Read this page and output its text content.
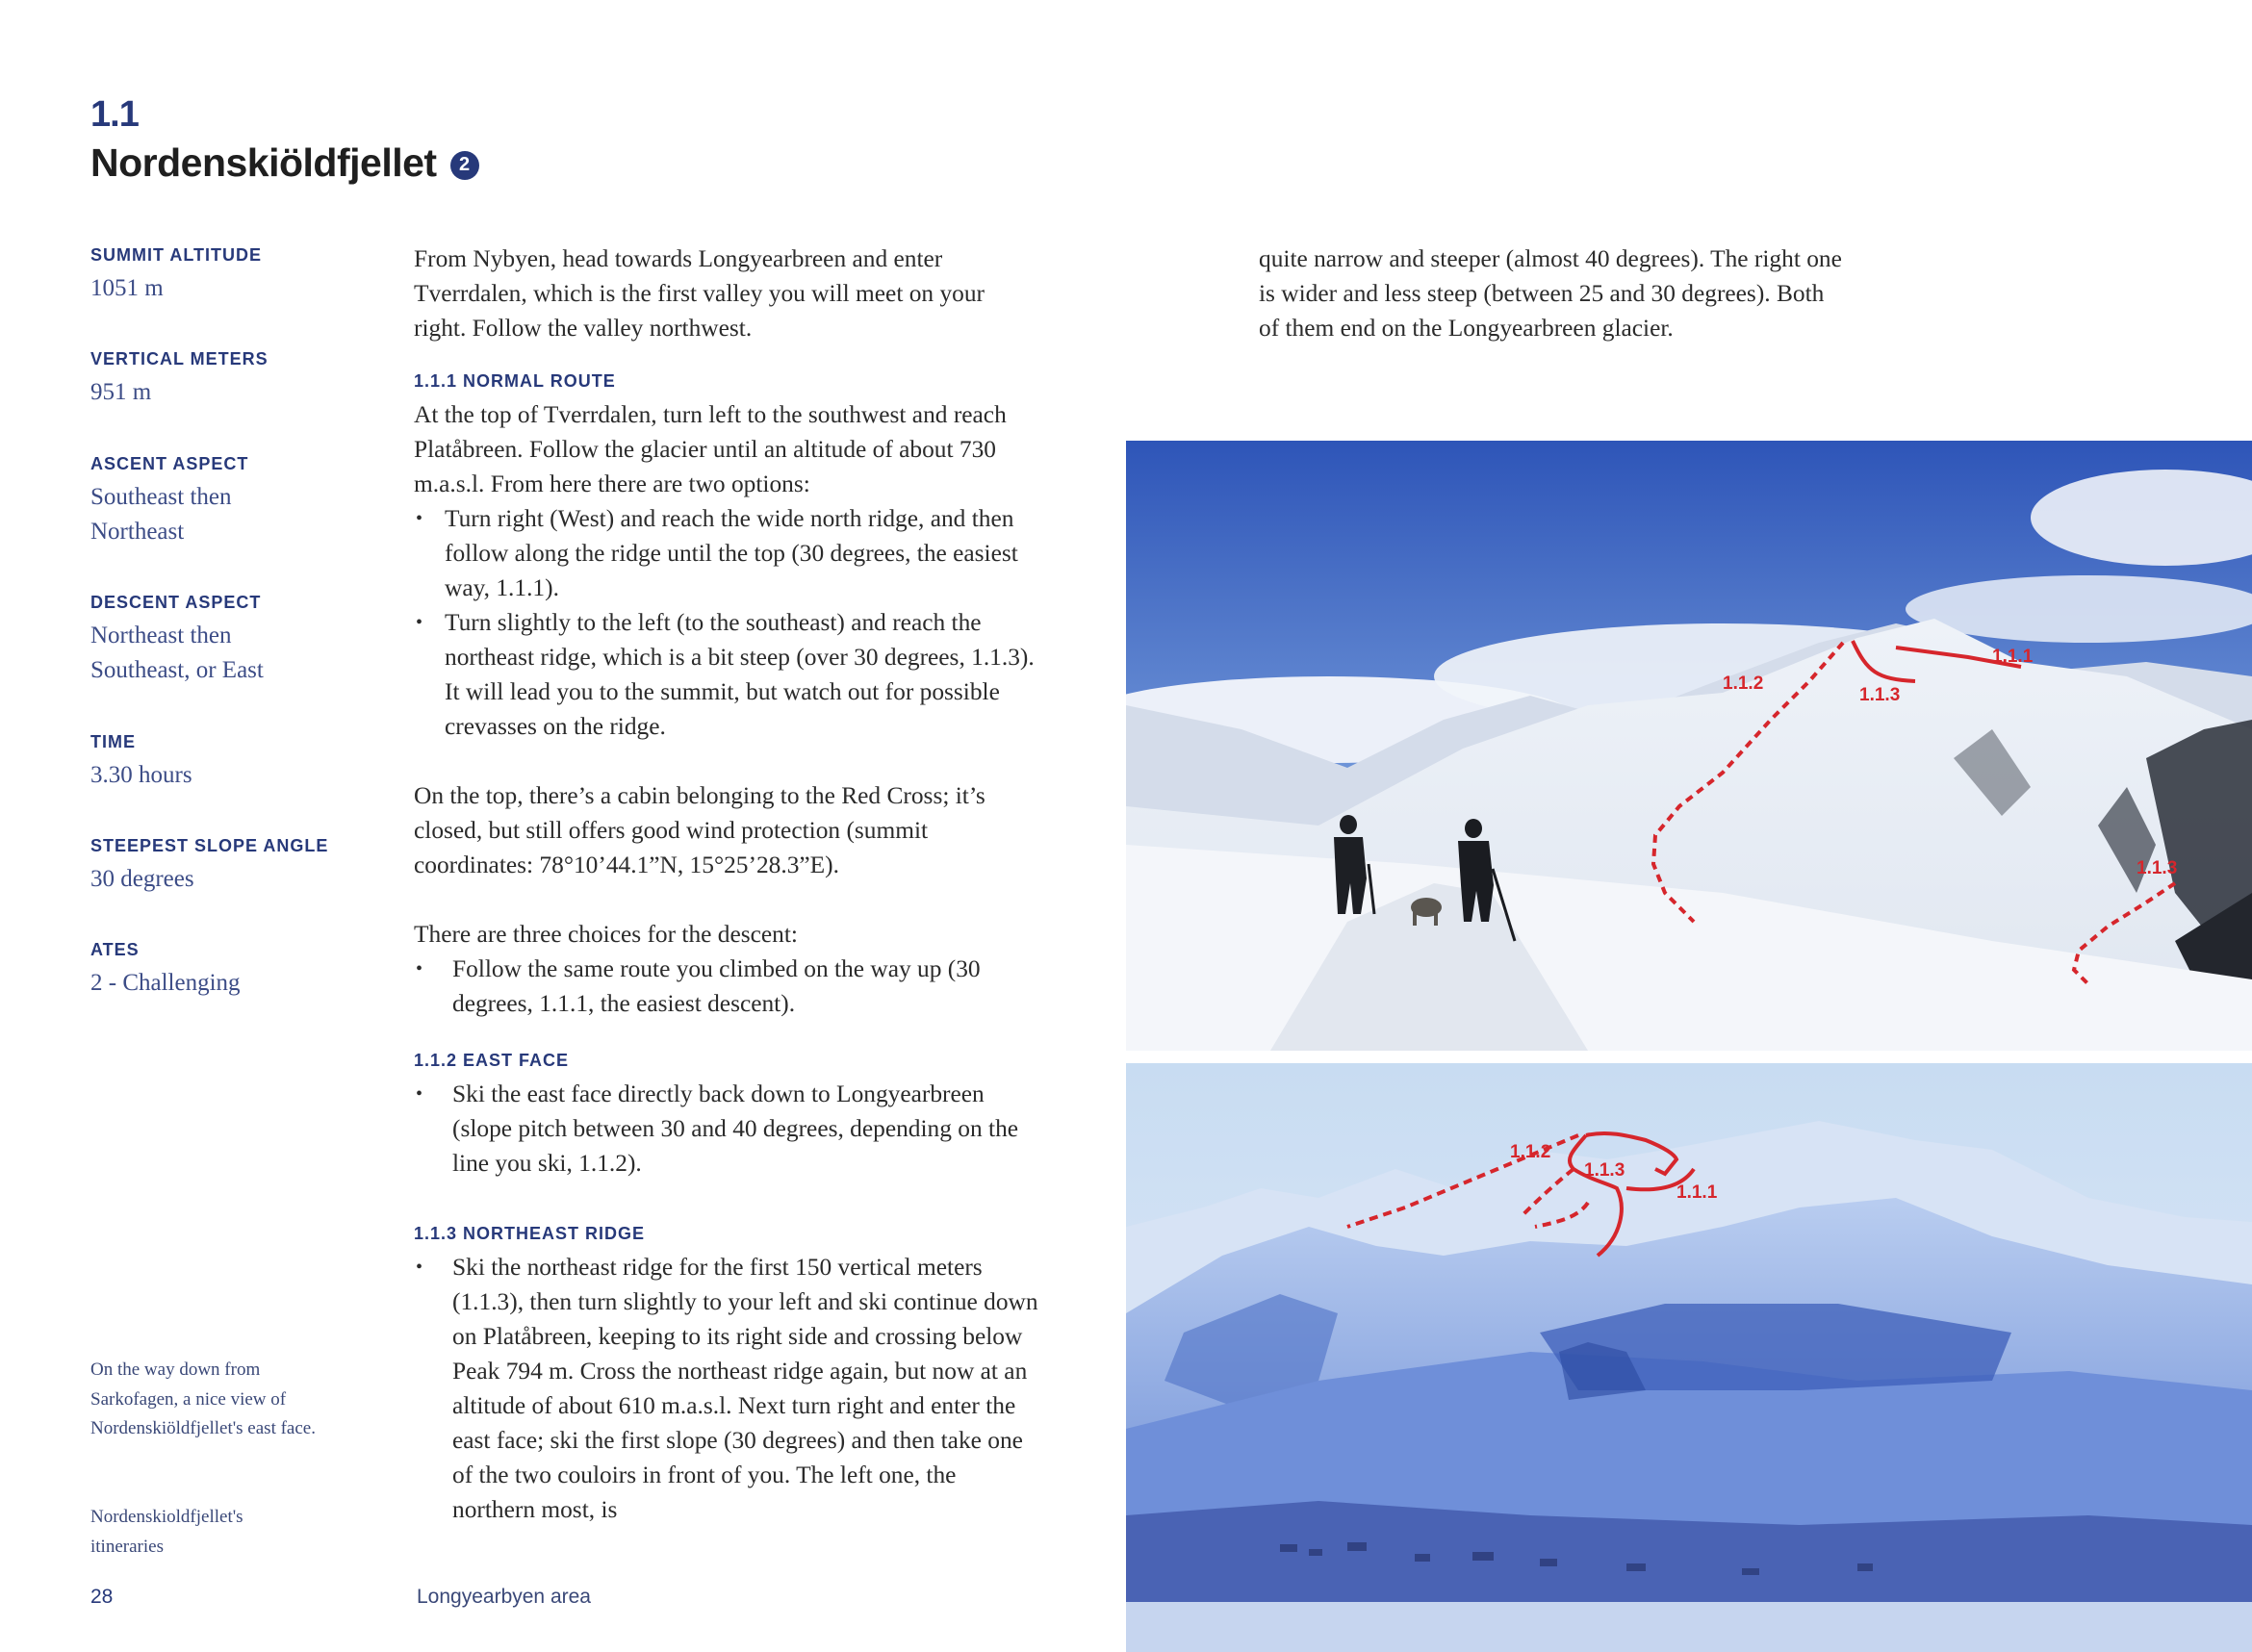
1.1
Nordenskiöldfjellet	2
SUMMIT ALTITUDE
1051 m
VERTICAL METERS
951 m
ASCENT ASPECT
Southeast then Northeast
DESCENT ASPECT
Northeast then Southeast, or East
TIME
3.30 hours
STEEPEST SLOPE ANGLE
30 degrees
ATES
2 - Challenging
On the way down from Sarkofagen, a nice view of Nordenskiöldfjellet's east face.
Nordenskioldfjellet's itineraries

From Nybyen, head towards Longyearbreen and enter Tverrdalen, which is the first valley you will meet on your right. Follow the valley northwest.

1.1.1 NORMAL ROUTE

At the top of Tverrdalen, turn left to the southwest and reach Platåbreen. Follow the glacier until an altitude of about 730 m.a.s.l. From here there are two options:

• Turn right (West) and reach the wide north ridge, and then follow along the ridge until the top (30 degrees, the easiest way, 1.1.1).
• Turn slightly to the left (to the southeast) and reach the northeast ridge, which is a bit steep (over 30 degrees, 1.1.3). It will lead you to the summit, but watch out for possible crevasses on the ridge.

On the top, there’s a cabin belonging to the Red Cross; it’s closed, but still offers good wind protection (summit coordinates: 78°10’44.1”N, 15°25’28.3”E).

There are three choices for the descent:

• Follow the same route you climbed on the way up (30 degrees, 1.1.1, the easiest descent).
1.1.2 EAST FACE
• Ski the east face directly back down to Longyearbreen (slope pitch between 30 and 40 degrees, depending on the line you ski, 1.1.2).
1.1.3 NORTHEAST RIDGE
• Ski the northeast ridge for the first 150 vertical meters (1.1.3), then turn slightly to your left and ski continue down on Platåbreen, keeping to its right side and crossing below Peak 794 m. Cross the northeast ridge again, but now at an altitude of about 610 m.a.s.l. Next turn right and enter the east face; ski the first slope (30 degrees) and then take one of the two couloirs in front of you. The left one, the northern most, is

quite narrow and steeper (almost 40 degrees). The right one is wider and less steep (between 25 and 30 degrees). Both of them end on the Longyearbreen glacier.

1.1.1
1.1.2
1.1.3
1.1.3
1.1.2
1.1.3
1.1.1
28	Longyearbyen area
